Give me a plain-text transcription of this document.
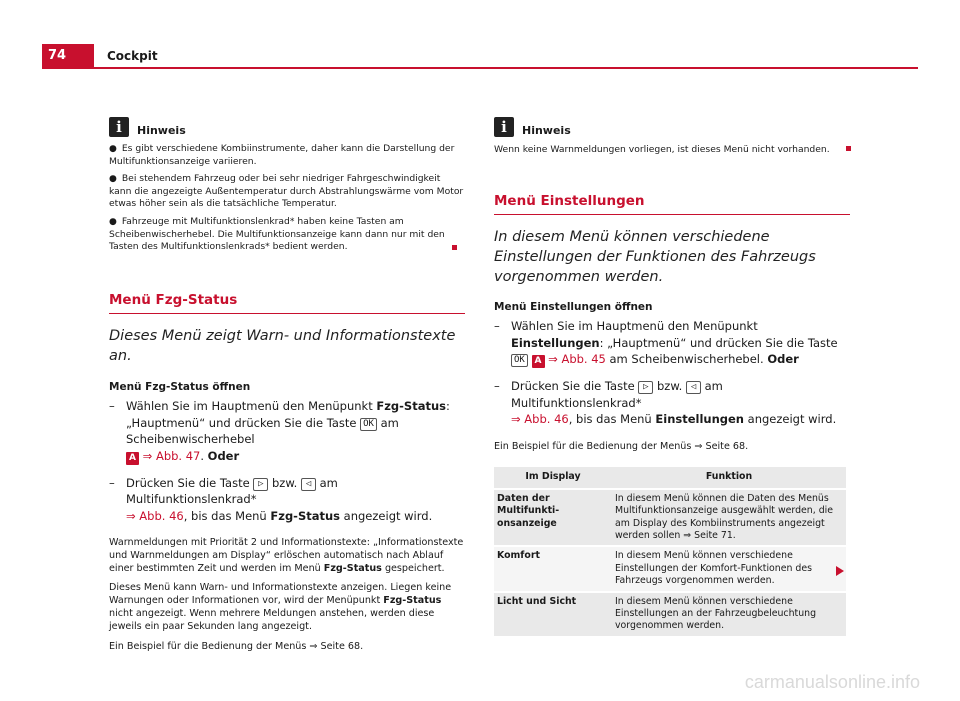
74	Cockpit
i	Hinweis
● Es gibt verschiedene Kombiinstrumente, daher kann die Darstellung der Multifunktionsanzeige variieren.
● Bei stehendem Fahrzeug oder bei sehr niedriger Fahrgeschwindigkeit kann die angezeigte Außentemperatur durch Abstrahlungswärme vom Motor etwas höher sein als die tatsächliche Temperatur.
● Fahrzeuge mit Multifunktionslenkrad* haben keine Tasten am Scheibenwischerhebel. Die Multifunktionsanzeige kann dann nur mit den Tasten des Multifunktionslenkrads* bedient werden.
Menü Fzg-Status
Dieses Menü zeigt Warn- und Informationstexte an.
Menü Fzg-Status öffnen
– Wählen Sie im Hauptmenü den Menüpunkt Fzg-Status: „Hauptmenü“ und drücken Sie die Taste OK am Scheibenwischerhebel
A ⇒ Abb. 47. Oder
– Drücken Sie die Taste ▷ bzw. ◁ am Multifunktionslenkrad*
⇒ Abb. 46, bis das Menü Fzg-Status angezeigt wird.
Warnmeldungen mit Priorität 2 und Informationstexte: „Informationstexte und Warnmeldungen am Display“ erlöschen automatisch nach Ablauf einer bestimmten Zeit und werden im Menü Fzg-Status gespeichert.
Dieses Menü kann Warn- und Informationstexte anzeigen. Liegen keine Warnungen oder Informationen vor, wird der Menüpunkt Fzg-Status nicht angezeigt. Wenn mehrere Meldungen anstehen, werden diese jeweils ein paar Sekunden lang angezeigt.
Ein Beispiel für die Bedienung der Menüs ⇒ Seite 68.
i	Hinweis
Wenn keine Warnmeldungen vorliegen, ist dieses Menü nicht vorhanden.
Menü Einstellungen
In diesem Menü können verschiedene Einstellungen der Funktionen des Fahrzeugs vorgenommen werden.
Menü Einstellungen öffnen
– Wählen Sie im Hauptmenü den Menüpunkt Einstellungen: „Hauptmenü“ und drücken Sie die Taste OK A ⇒ Abb. 45 am Scheibenwischerhebel. Oder
– Drücken Sie die Taste ▷ bzw. ◁ am Multifunktionslenkrad*
⇒ Abb. 46, bis das Menü Einstellungen angezeigt wird.
Ein Beispiel für die Bedienung der Menüs ⇒ Seite 68.
Im Display	Funktion
Daten der Multifunkti-onsanzeige	In diesem Menü können die Daten des Menüs Multifunktionsanzeige ausgewählt werden, die am Display des Kombiinstruments angezeigt werden sollen ⇒ Seite 71.
Komfort	In diesem Menü können verschiedene Einstellungen der Komfort-Funktionen des Fahrzeugs vorgenommen werden.
Licht und Sicht	In diesem Menü können verschiedene Einstellungen an der Fahrzeugbeleuchtung vorgenommen werden.
carmanualsonline.info
